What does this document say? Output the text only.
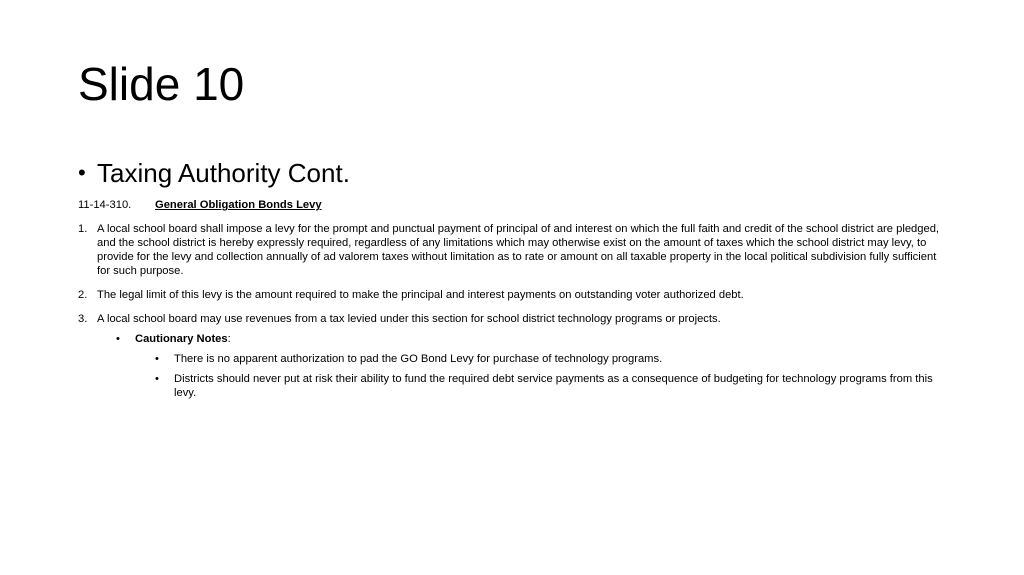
Slide 10
• Taxing Authority Cont.
11-14-310.	General Obligation Bonds Levy
1. A local school board shall impose a levy for the prompt and punctual payment of principal of and interest on which the full faith and credit of the school district are pledged, and the school district is hereby expressly required, regardless of any limitations which may otherwise exist on the amount of taxes which the school district may levy, to provide for the levy and collection annually of ad valorem taxes without limitation as to rate or amount on all taxable property in the local political subdivision fully sufficient for such purpose.
2. The legal limit of this levy is the amount required to make the principal and interest payments on outstanding voter authorized debt.
3. A local school board may use revenues from a tax levied under this section for school district technology programs or projects.
•	Cautionary Notes:
•	There is no apparent authorization to pad the GO Bond Levy for purchase of technology programs.
•	Districts should never put at risk their ability to fund the required debt service payments as a consequence of budgeting for technology programs from this levy.
